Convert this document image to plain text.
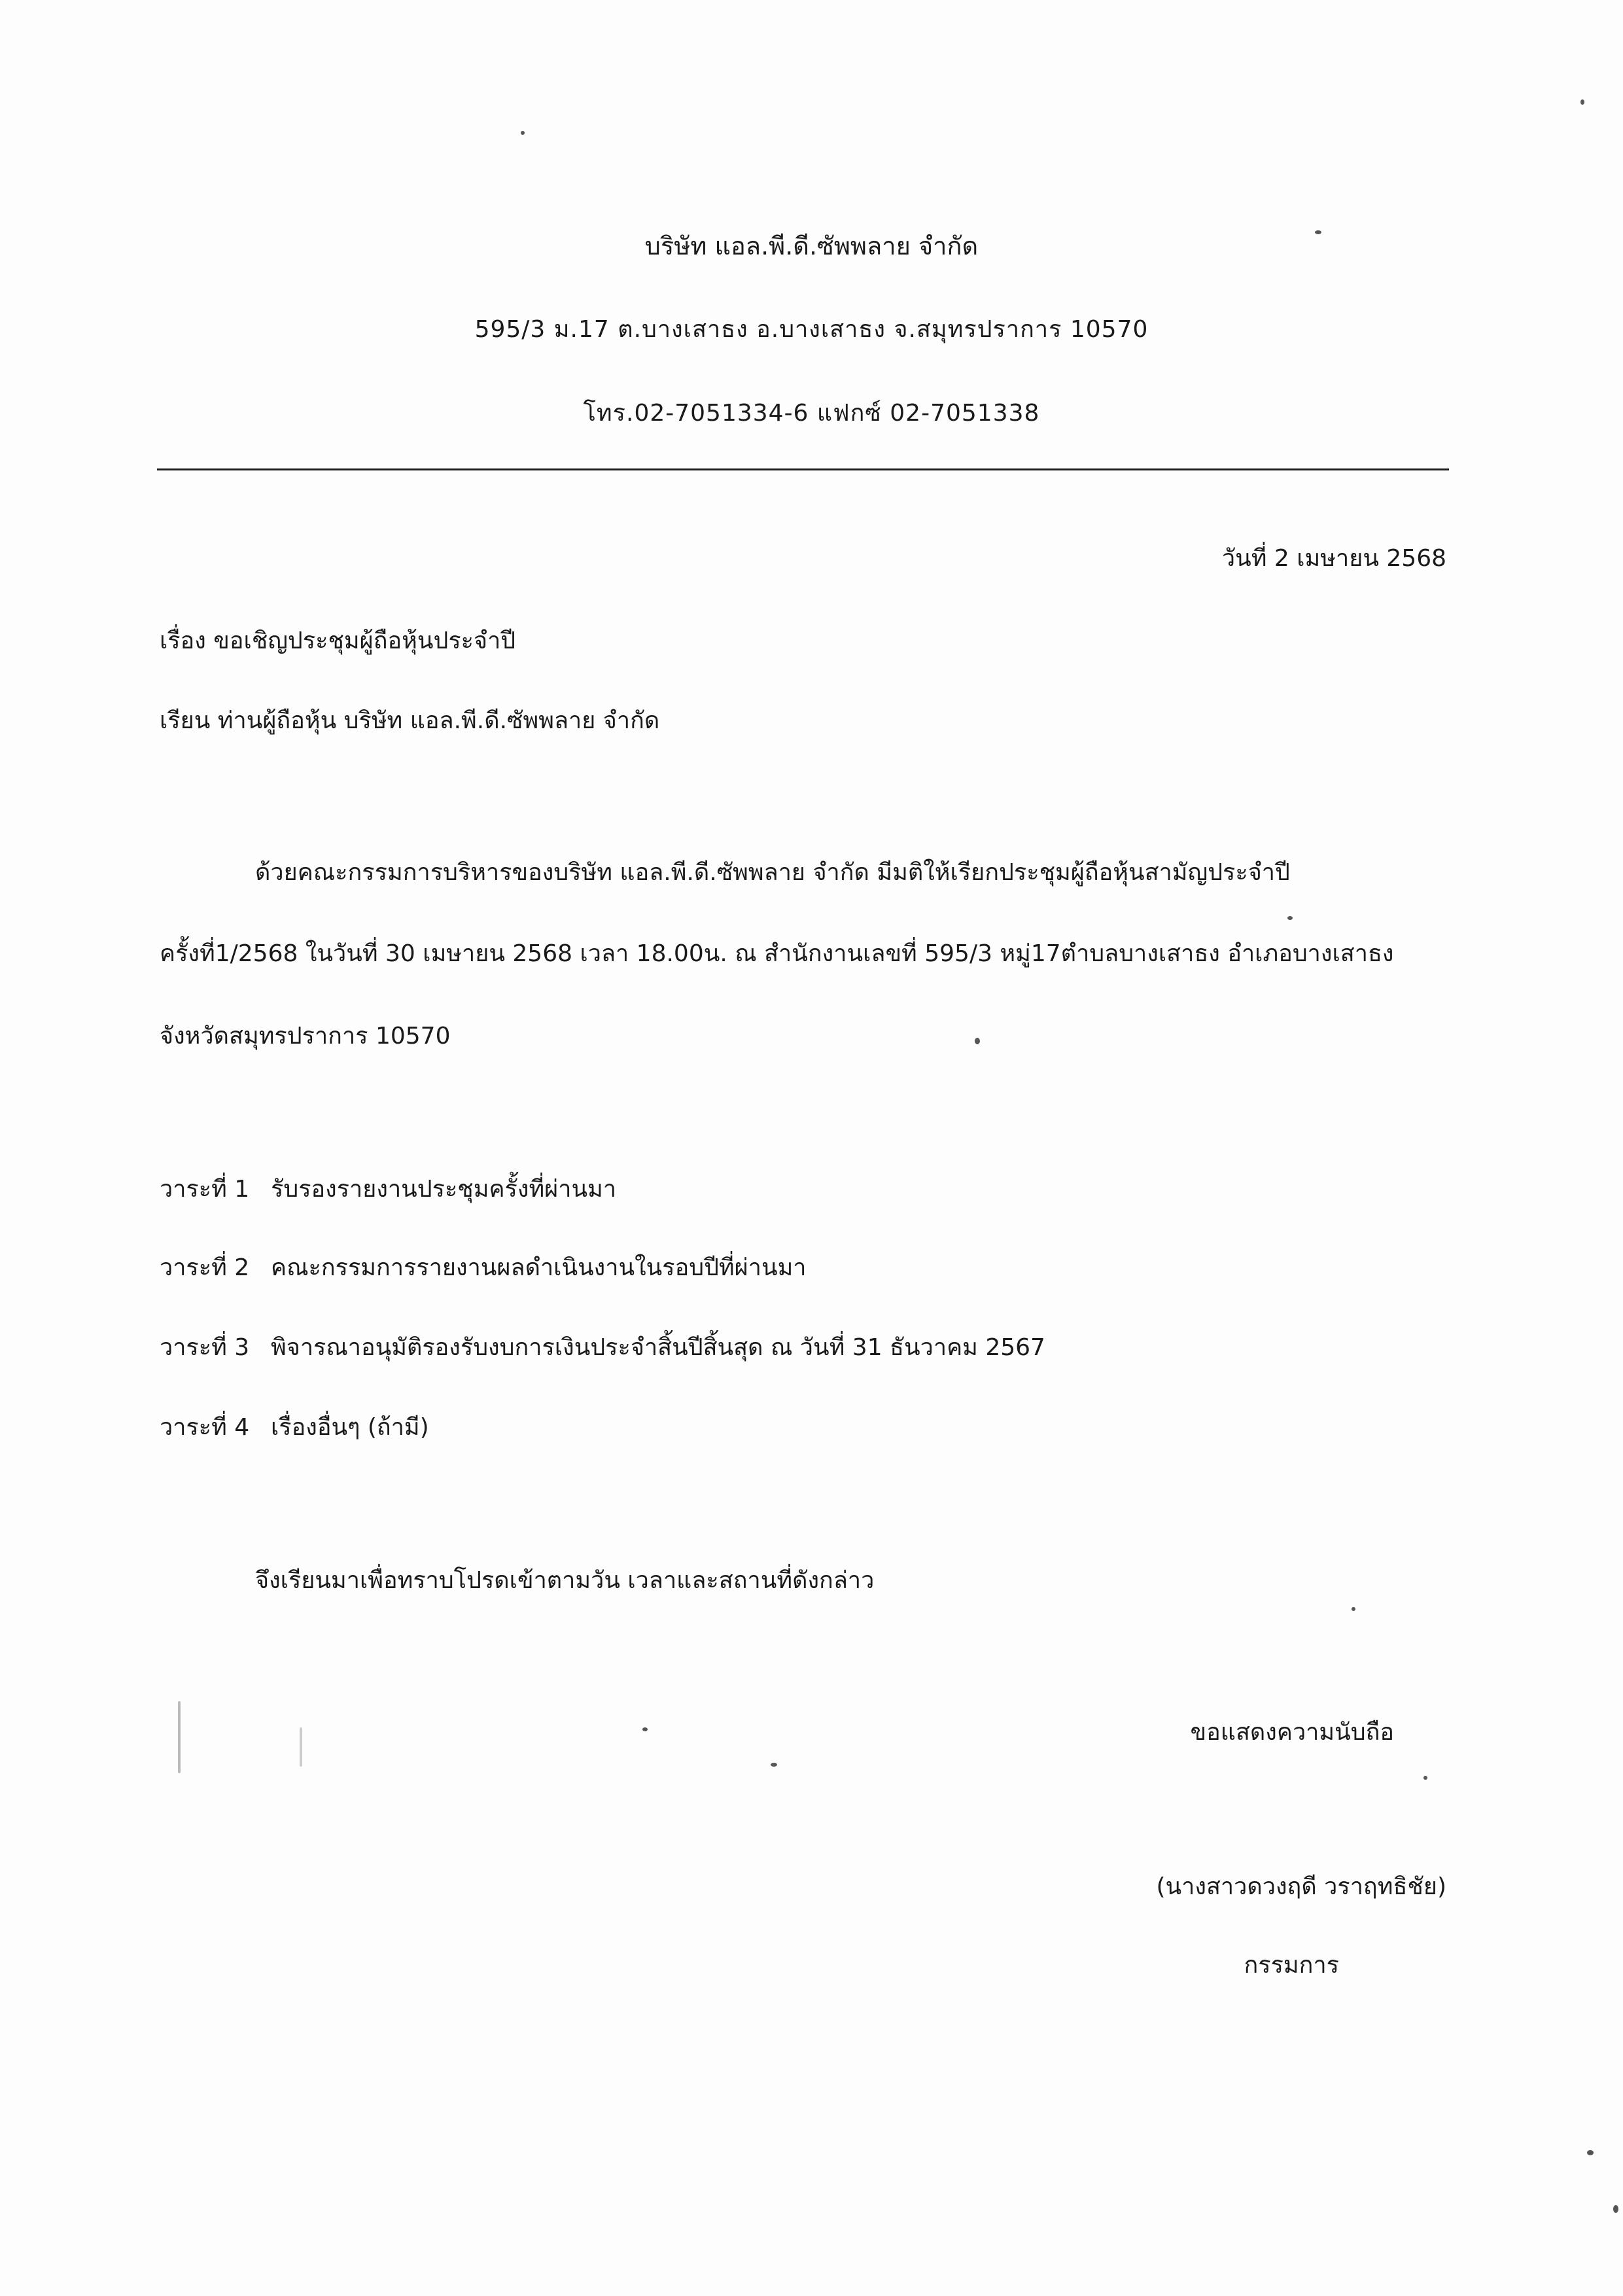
บริษัท แอล.พี.ดี.ซัพพลาย จำกัด
595/3 ม.17 ต.บางเสาธง อ.บางเสาธง จ.สมุทรปราการ 10570
โทร.02-7051334-6 แฟกซ์ 02-7051338
วันที่ 2 เมษายน 2568
เรื่อง ขอเชิญประชุมผู้ถือหุ้นประจำปี
เรียน ท่านผู้ถือหุ้น บริษัท แอล.พี.ดี.ซัพพลาย จำกัด
ด้วยคณะกรรมการบริหารของบริษัท แอล.พี.ดี.ซัพพลาย จำกัด มีมติให้เรียกประชุมผู้ถือหุ้นสามัญประจำปี
ครั้งที่1/2568 ในวันที่ 30 เมษายน 2568 เวลา 18.00น. ณ สำนักงานเลขที่ 595/3 หมู่17ตำบลบางเสาธง อำเภอบางเสาธง
จังหวัดสมุทรปราการ 10570
วาระที่ 1 รับรองรายงานประชุมครั้งที่ผ่านมา
วาระที่ 2 คณะกรรมการรายงานผลดำเนินงานในรอบปีที่ผ่านมา
วาระที่ 3 พิจารณาอนุมัติรองรับงบการเงินประจำสิ้นปีสิ้นสุด ณ วันที่ 31 ธันวาคม 2567
วาระที่ 4 เรื่องอื่นๆ (ถ้ามี)
จึงเรียนมาเพื่อทราบโปรดเข้าตามวัน เวลาและสถานที่ดังกล่าว
ขอแสดงความนับถือ
(นางสาวดวงฤดี วราฤทธิชัย)
กรรมการ
